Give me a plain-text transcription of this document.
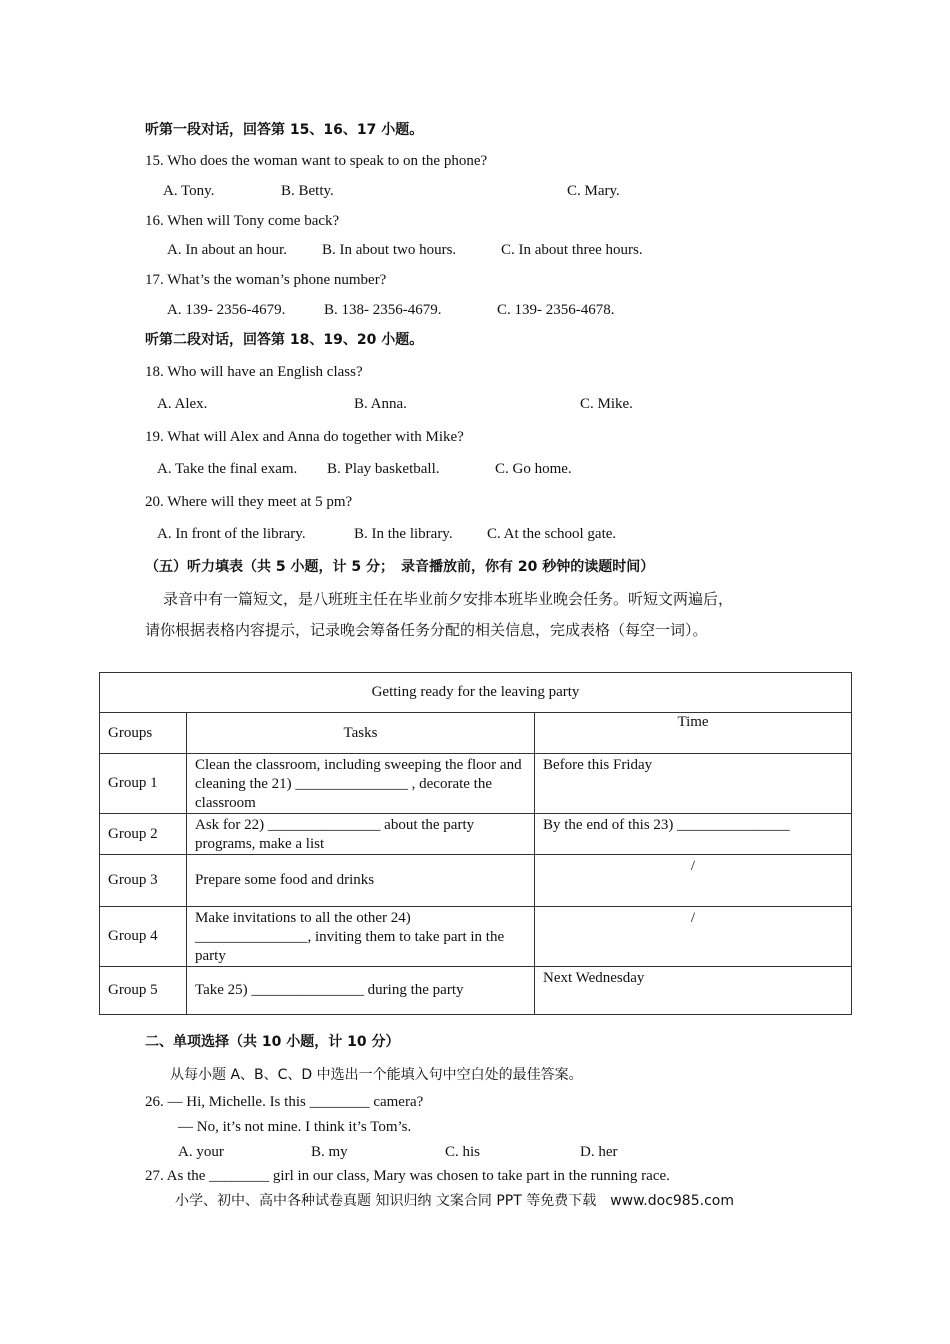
听第一段对话，回答第 15、16、17 小题。
15. Who does the woman want to speak to on the phone?
A. Tony.	B. Betty.	C. Mary.
16. When will Tony come back?
A. In about an hour. B. In about two hours.	C. In about three hours.
17. What’s the woman’s phone number?
A. 139- 2356-4679.	B. 138- 2356-4679.	C. 139- 2356-4678.
听第二段对话，回答第 18、19、20 小题。
18. Who will have an English class?
A. Alex.	B. Anna.	C. Mike.
19. What will Alex and Anna do together with Mike?
A. Take the final exam. B. Play basketball.	C. Go home.
20. Where will they meet at 5 pm?
A. In front of the library.	B. In the library. C. At the school gate.
（五）听力填表（共 5 小题，计 5 分；　录音播放前，你有 20 秒钟的读题时间）
录音中有一篇短文，是八班班主任在毕业前夕安排本班毕业晚会任务。听短文两遍后，
请你根据表格内容提示，记录晚会筹备任务分配的相关信息，完成表格（每空一词）。
Getting ready for the leaving party		
Groups	Tasks	Time
Group 1	Clean the classroom, including sweeping the floor and cleaning the 21) _______________ , decorate the classroom	Before this Friday
Group 2	Ask for 22) _______________ about the party programs, make a list	By the end of this 23) _______________
Group 3	Prepare some food and drinks	/
Group 4	Make invitations to all the other 24) _______________, inviting them to take part in the party	/
Group 5	Take 25) _______________ during the party	Next Wednesday
二、单项选择（共 10 小题，计 10 分）
从每小题 A、B、C、D 中选出一个能填入句中空白处的最佳答案。
26. — Hi, Michelle. Is this ________ camera?
— No, it’s not mine. I think it’s Tom’s.
A. your	B. my	C. his	D. her
27. As the ________ girl in our class, Mary was chosen to take part in the running race.
小学、初中、高中各种试卷真题 知识归纳 文案合同 PPT 等免费下载　www.doc985.com
